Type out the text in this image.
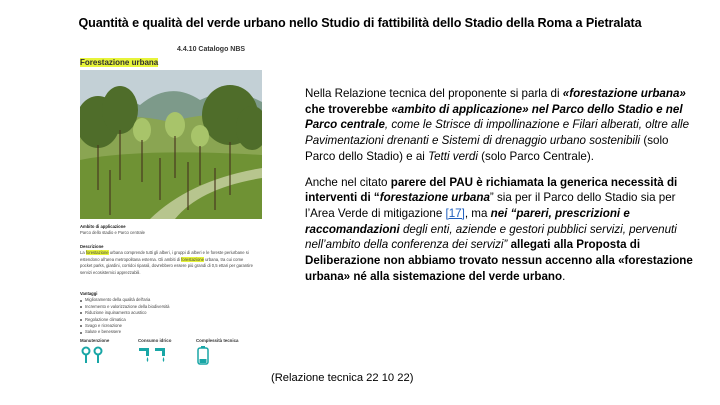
Quantità e qualità del verde urbano nello Studio di fattibilità dello Stadio della Roma a Pietralata
4.4.10 Catalogo NBS
Forestazione urbana
Ambito di applicazione
Parco dello stadio e Parco centrale
Descrizione
La forestazione urbana comprende tutti gli alberi, i gruppi di alberi e le foreste periurbane si estendono all'area metropolitana esterna. Gli ambiti di forestazione urbana, tra cui come pocket parks, giardini, corridoi riparali, dovrebbero essere più grandi di 0,5 ettari per garantire servizi ecosistemici apprezzabili.
Vantaggi
Miglioramento della qualità dell'aria
Incremento e valorizzazione della biodiversità
Riduzione inquinamento acustico
Regolazione climatica
Svago e ricreazione
Salute e benessere
Manutenzione	Consumo idrico	Complessità tecnica

Nella Relazione tecnica del proponente si parla di «forestazione urbana» che troverebbe «ambito di applicazione» nel Parco dello Stadio e nel Parco centrale, come le Strisce di impollinazione e Filari alberati, oltre alle Pavimentazioni drenanti e Sistemi di drenaggio urbano sostenibili (solo Parco dello Stadio) e ai Tetti verdi (solo Parco Centrale).

Anche nel citato parere del PAU è richiamata la generica necessità di interventi di “forestazione urbana” sia per il Parco dello Stadio sia per l’Area Verde di mitigazione [17], ma nei “pareri, prescrizioni e raccomandazioni degli enti, aziende e gestori pubblici servizi, pervenuti nell’ambito della conferenza dei servizi” allegati alla Proposta di Deliberazione non abbiamo trovato nessun accenno alla «forestazione urbana» né alla sistemazione del verde urbano.

(Relazione tecnica 22 10 22)
